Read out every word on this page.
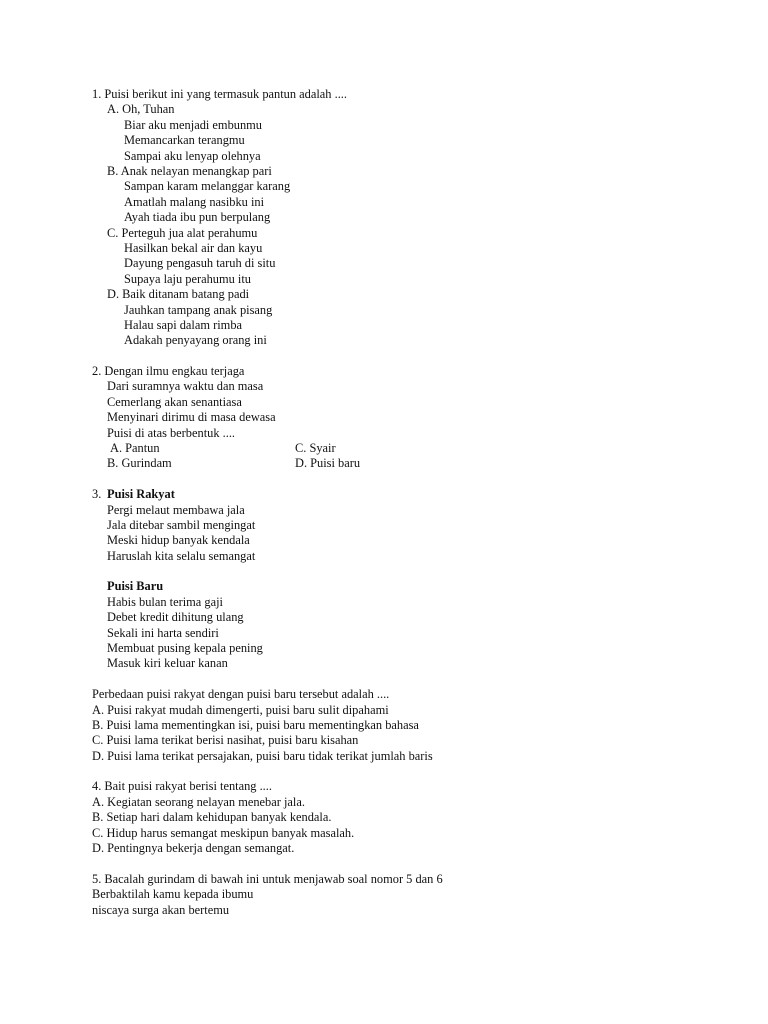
1. Puisi berikut ini yang termasuk pantun adalah ....
A. Oh, Tuhan
Biar aku menjadi embunmu
Memancarkan terangmu
Sampai aku lenyap olehnya
B. Anak nelayan menangkap pari
Sampan karam melanggar karang
Amatlah malang nasibku ini
Ayah tiada ibu pun berpulang
C. Perteguh jua alat perahumu
Hasilkan bekal air dan kayu
Dayung pengasuh taruh di situ
Supaya laju perahumu itu
D. Baik ditanam batang padi
Jauhkan tampang anak pisang
Halau sapi dalam rimba
Adakah penyayang orang ini
2. Dengan ilmu engkau terjaga
Dari suramnya waktu dan masa
Cemerlang akan senantiasa
Menyinari dirimu di masa dewasa
Puisi di atas berbentuk ....
A. Pantun	C. Syair
B. Gurindam	D. Puisi baru
3. Puisi Rakyat
Pergi melaut membawa jala
Jala ditebar sambil mengingat
Meski hidup banyak kendala
Haruslah kita selalu semangat
Puisi Baru
Habis bulan terima gaji
Debet kredit dihitung ulang
Sekali ini harta sendiri
Membuat pusing kepala pening
Masuk kiri keluar kanan
Perbedaan puisi rakyat dengan puisi baru tersebut adalah ....
A. Puisi rakyat mudah dimengerti, puisi baru sulit dipahami
B. Puisi lama mementingkan isi, puisi baru mementingkan bahasa
C. Puisi lama terikat berisi nasihat, puisi baru kisahan
D. Puisi lama terikat persajakan, puisi baru tidak terikat jumlah baris
4. Bait puisi rakyat berisi tentang ....
A. Kegiatan seorang nelayan menebar jala.
B. Setiap hari dalam kehidupan banyak kendala.
C. Hidup harus semangat meskipun banyak masalah.
D. Pentingnya bekerja dengan semangat.
5. Bacalah gurindam di bawah ini untuk menjawab soal nomor 5 dan 6
Berbaktilah kamu kepada ibumu
niscaya surga akan bertemu
